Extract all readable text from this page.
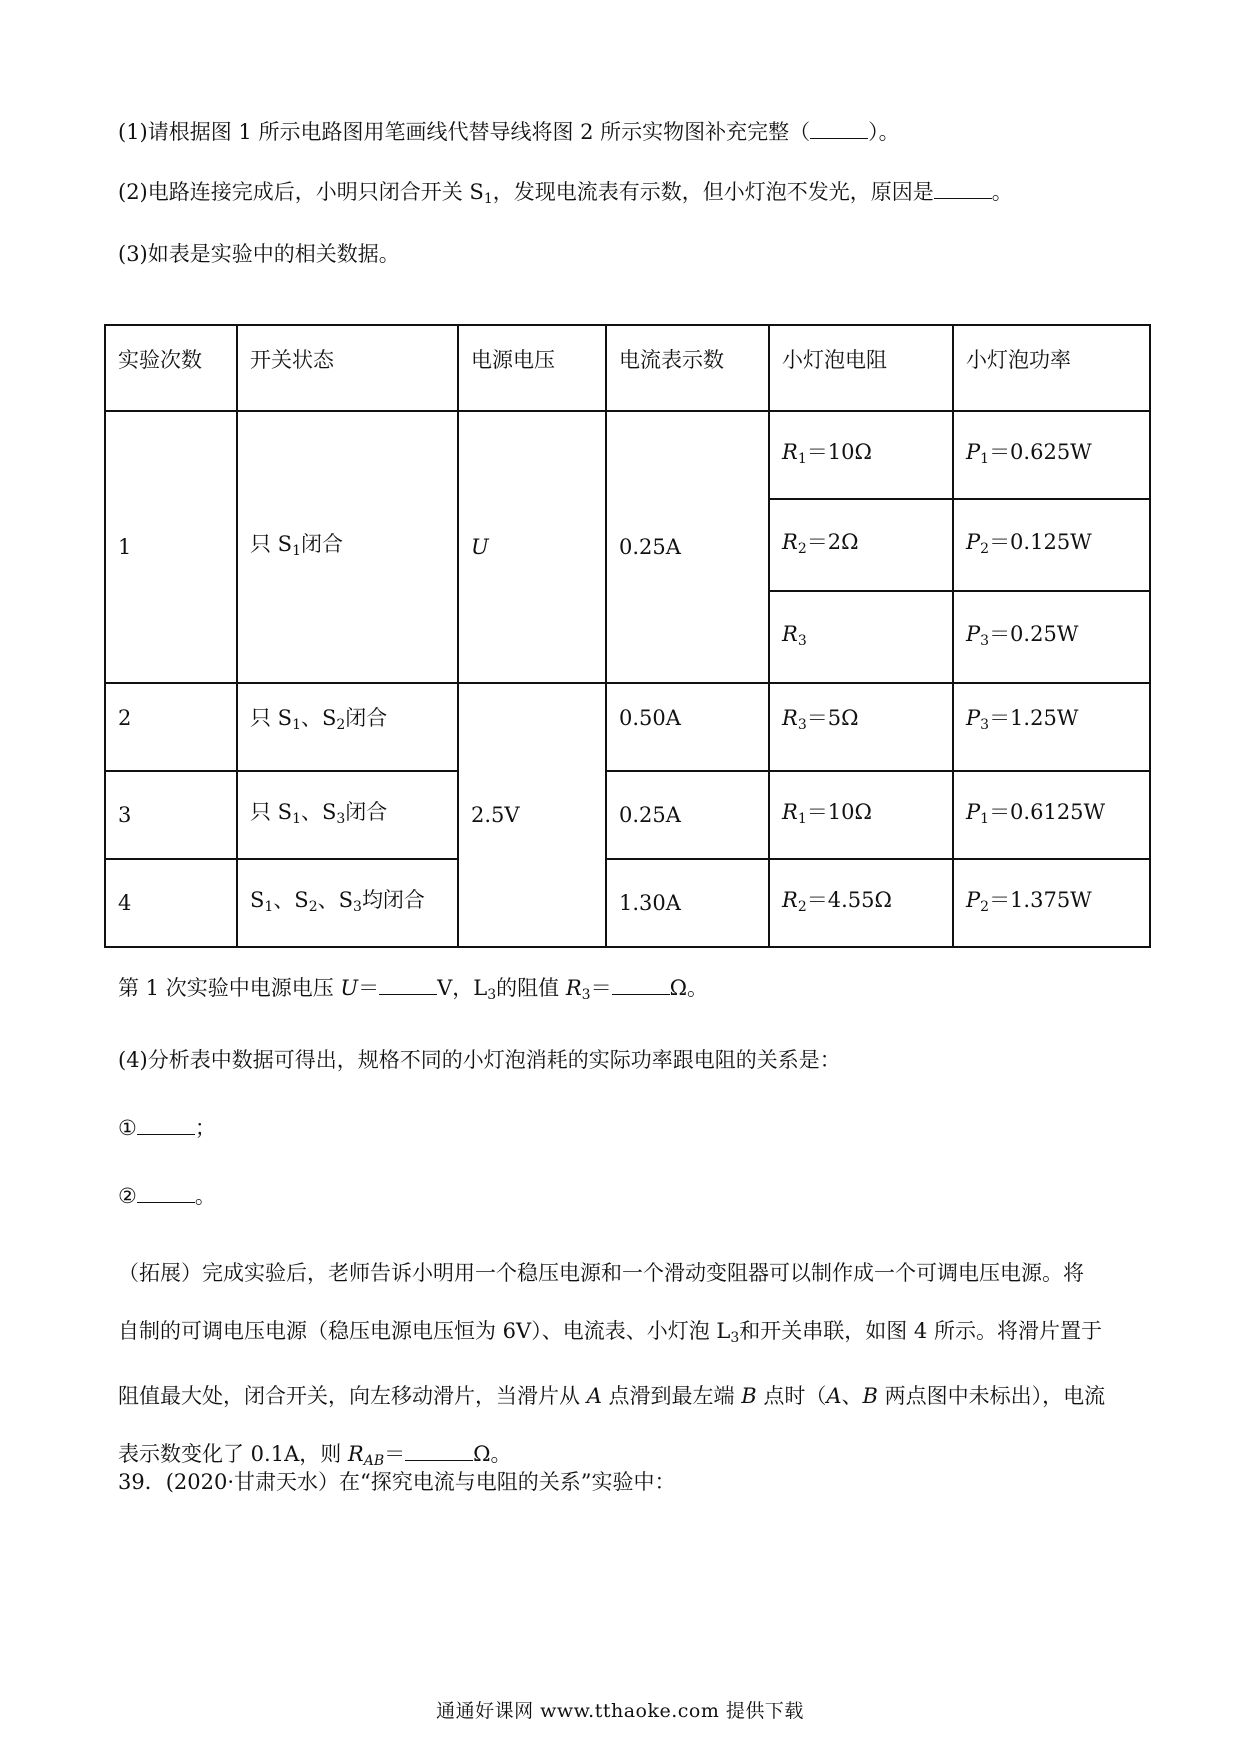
(1)请根据图 1 所示电路图用笔画线代替导线将图 2 所示实物图补充完整（	）。
(2)电路连接完成后，小明只闭合开关 $S_1$，发现电流表有示数，但小灯泡不发光，原因是	。
(3)如表是实验中的相关数据。
实验次数	开关状态	电源电压	电流表示数	小灯泡电阻	小灯泡功率
1	只 $S_1$闭合	U	0.25A	$R_1=10\Omega$	$P_1=0.625W$
				$R_2=2\Omega$	$P_2=0.125W$
				$R_3$	$P_3=0.25W$
2	只 $S_1$、$S_2$闭合	2.5V	0.50A	$R_3=5\Omega$	$P_3=1.25W$
3	只 $S_1$、$S_3$闭合		0.25A	$R_1=10\Omega$	$P_1=0.6125W$
4	$S_1$、$S_2$、$S_3$均闭合		1.30A	$R_2=4.55\Omega$	$P_2=1.375W$
第 1 次实验中电源电压 U＝	V，$L_3$的阻值 $R_3=$	Ω。
(4)分析表中数据可得出，规格不同的小灯泡消耗的实际功率跟电阻的关系是：
①	；
②	。
（拓展）完成实验后，老师告诉小明用一个稳压电源和一个滑动变阻器可以制作成一个可调电压电源。将
自制的可调电压电源（稳压电源电压恒为 6V）、电流表、小灯泡 $L_3$和开关串联，如图 4 所示。将滑片置于
阻值最大处，闭合开关，向左移动滑片，当滑片从 A 点滑到最左端 B 点时（A、B 两点图中未标出），电流
表示数变化了 0.1A，则 $R_{AB}=$	Ω。
39．(2020·甘肃天水）在“探究电流与电阻的关系”实验中：
通通好课网 www.tthaoke.com 提供下载
